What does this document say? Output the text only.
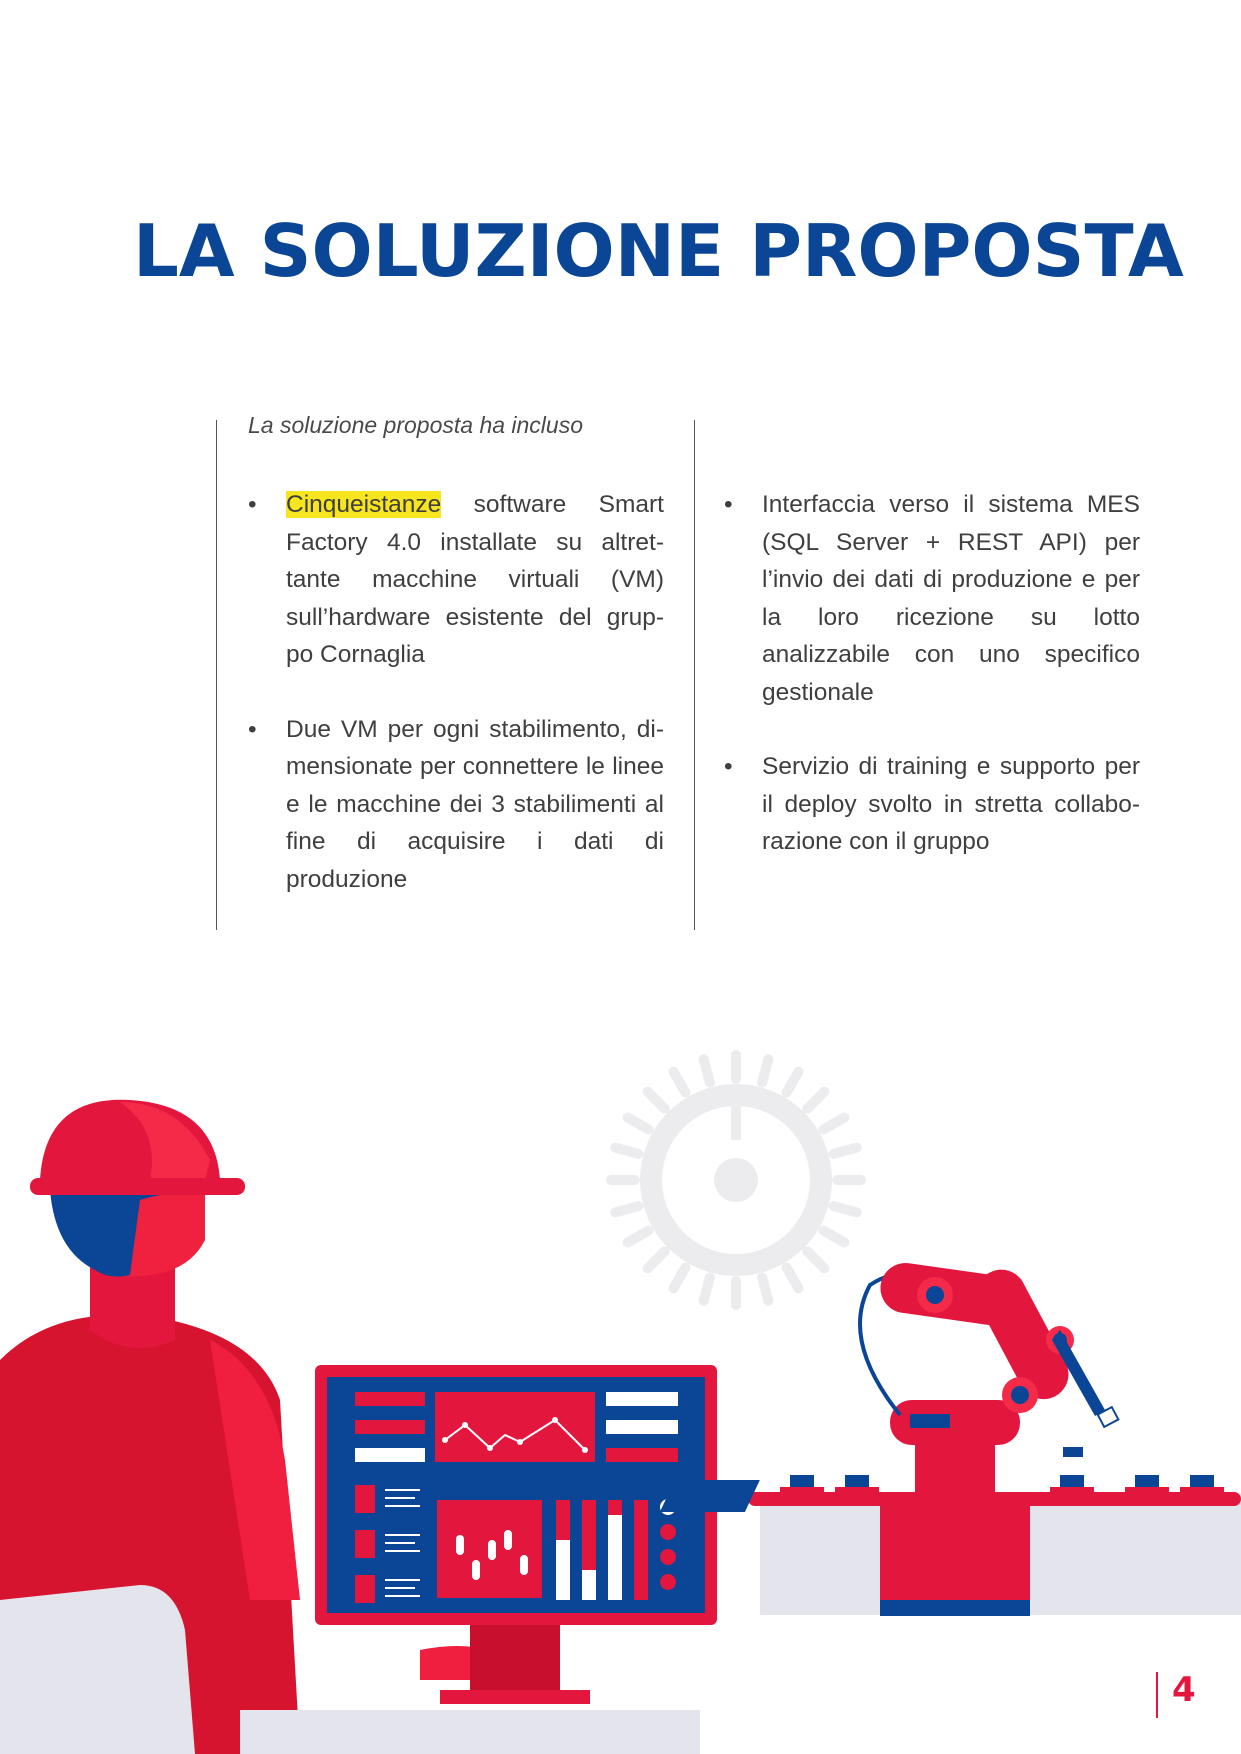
LA SOLUZIONE PROPOSTA
La soluzione proposta ha incluso
• Cinqueistanze software Smart Factory 4.0 installate su altret-tante macchine virtuali (VM) sull’hardware esistente del grup-po Cornaglia
• Due VM per ogni stabilimento, di-mensionate per connettere le linee e le macchine dei 3 stabilimenti al fine di acquisire i dati di produzione
• Interfaccia verso il sistema MES (SQL Server + REST API) per l’invio dei dati di produzione e per la loro ricezione su lotto analizzabile con uno specifico gestionale
• Servizio di training e supporto per il deploy svolto in stretta collabo-razione con il gruppo
4
